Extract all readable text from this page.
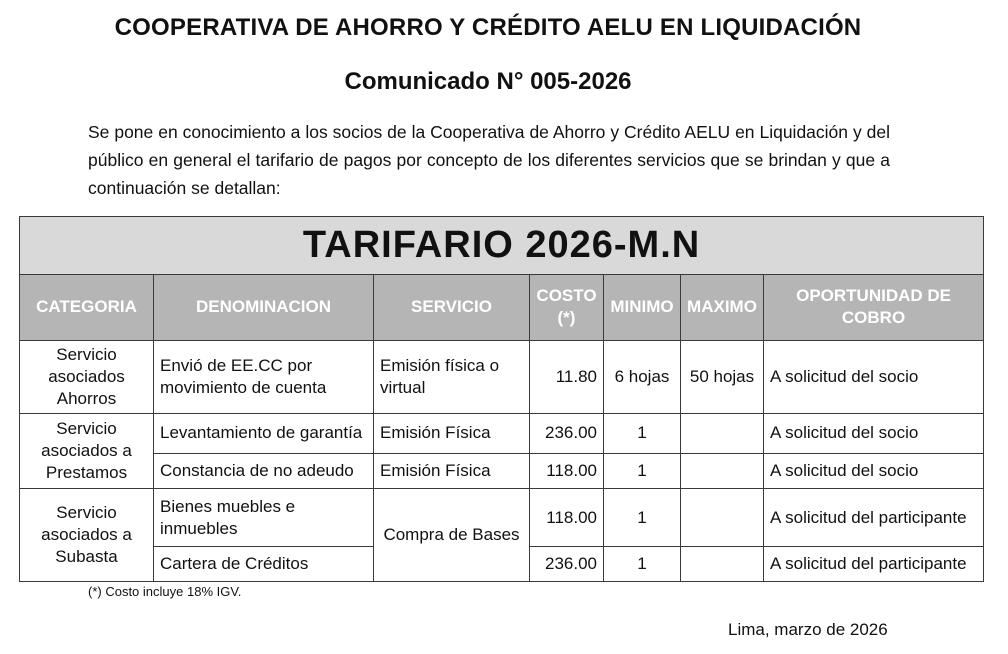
COOPERATIVA DE AHORRO Y CRÉDITO AELU EN LIQUIDACIÓN
Comunicado N° 005-2026
Se pone en conocimiento a los socios de la Cooperativa de Ahorro y Crédito AELU en Liquidación y del público en general el tarifario de pagos por concepto de los diferentes servicios que se brindan y que a continuación se detallan:
TARIFARIO 2026-M.N						
CATEGORIA	DENOMINACION	SERVICIO	COSTO (*)	MINIMO	MAXIMO	OPORTUNIDAD DE COBRO
Servicio asociados Ahorros	Envió de EE.CC por movimiento de cuenta	Emisión física o virtual	11.80	6 hojas	50 hojas	A solicitud del socio
Servicio asociados a Prestamos	Levantamiento de garantía	Emisión Física	236.00	1		A solicitud del socio
	Constancia de no adeudo	Emisión Física	118.00	1		A solicitud del socio
Servicio asociados a Subasta	Bienes muebles e inmuebles	Compra de Bases	118.00	1		A solicitud del participante
	Cartera de Créditos		236.00	1		A solicitud del participante
(*) Costo incluye 18% IGV.
Lima, marzo de 2026
